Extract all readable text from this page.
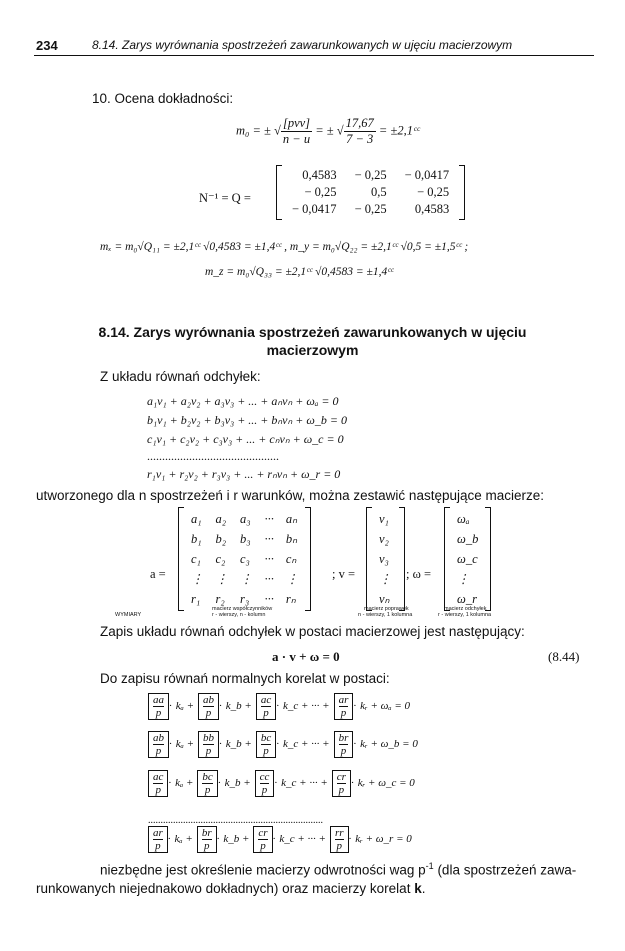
234	8.14. Zarys wyrównania spostrzeżeń zawarunkowanych w ujęciu macierzowym
10. Ocena dokładności:
m₀ = ± √ $\frac{\text{[pvv]}}{n - u}$ = ± √ $\frac{17,67}{7 - 3}$ = ±2,1ᶜᶜ
N⁻¹ = Q =
0,4583	− 0,25	− 0,0417
− 0,25	0,5	− 0,25
− 0,0417	− 0,25	0,4583
mₓ = m₀√Q₁₁ = ±2,1ᶜᶜ √0,4583 = ±1,4ᶜᶜ , m_y = m₀√Q₂₂ = ±2,1ᶜᶜ √0,5 = ±1,5ᶜᶜ ;
m_z = m₀√Q₃₃ = ±2,1ᶜᶜ √0,4583 = ±1,4ᶜᶜ
8.14. Zarys wyrównania spostrzeżeń zawarunkowanych w ujęciu
macierzowym
Z układu równań odchyłek:
a₁v₁ + a₂v₂ + a₃v₃ + ... + aₙvₙ + ωₐ = 0
b₁v₁ + b₂v₂ + b₃v₃ + ... + bₙvₙ + ω_b = 0
c₁v₁ + c₂v₂ + c₃v₃ + ... + cₙvₙ + ω_c = 0
............................................
r₁v₁ + r₂v₂ + r₃v₃ + ... + rₙvₙ + ω_r = 0
utworzonego dla n spostrzeżeń i r warunków, można zestawić następujące macierze:
a =
a₁	a₂	a₃	···	aₙ
b₁	b₂	b₃	···	bₙ
c₁	c₂	c₃	···	cₙ
⋮	⋮	⋮	···	⋮
r₁	r₂	r₃	···	rₙ
; v =
v₁
v₂
v₃
⋮
vₙ
; ω =
ωₐ
ω_b
ω_c
⋮
ω_r
WYMIARY
macierz współczynników
r - wierszy, n - kolumn
macierz poprawek
n - wierszy, 1 kolumna
macierz odchyłek
r - wierszy, 1 kolumna
Zapis układu równań odchyłek w postaci macierzowej jest następujący:
a · v + ω = 0	(8.44)
Do zapisu równań normalnych korelat w postaci:
$\frac{aa}{p}\cdot k_a + \frac{ab}{p}\cdot$ k_b + $\frac{ac}{p}\cdot$ k_c + ··· + $\frac{ar}{p}\cdot$ kᵣ + ωₐ = 0
$\frac{ab}{p}\cdot k_a + \frac{bb}{p}\cdot$ k_b + $\frac{bc}{p}\cdot$ k_c + ··· + $\frac{br}{p}\cdot$ kᵣ + ω_b = 0
$\frac{ac}{p}\cdot k_a + \frac{bc}{p}\cdot$ k_b + $\frac{cc}{p}\cdot$ k_c + ··· + $\frac{cr}{p}\cdot$ kᵣ + ω_c = 0
$\frac{ar}{p}\cdot k_a + \frac{br}{p}\cdot$ k_b + $\frac{cr}{p}\cdot$ k_c + ··· + $\frac{rr}{p}\cdot$ kᵣ + ω_r = 0
......................................................................
niezbędne jest określenie macierzy odwrotności wag $p^{-1}$ (dla spostrzeżeń zawa-
runkowanych niejednakowo dokładnych) oraz macierzy korelat k.
